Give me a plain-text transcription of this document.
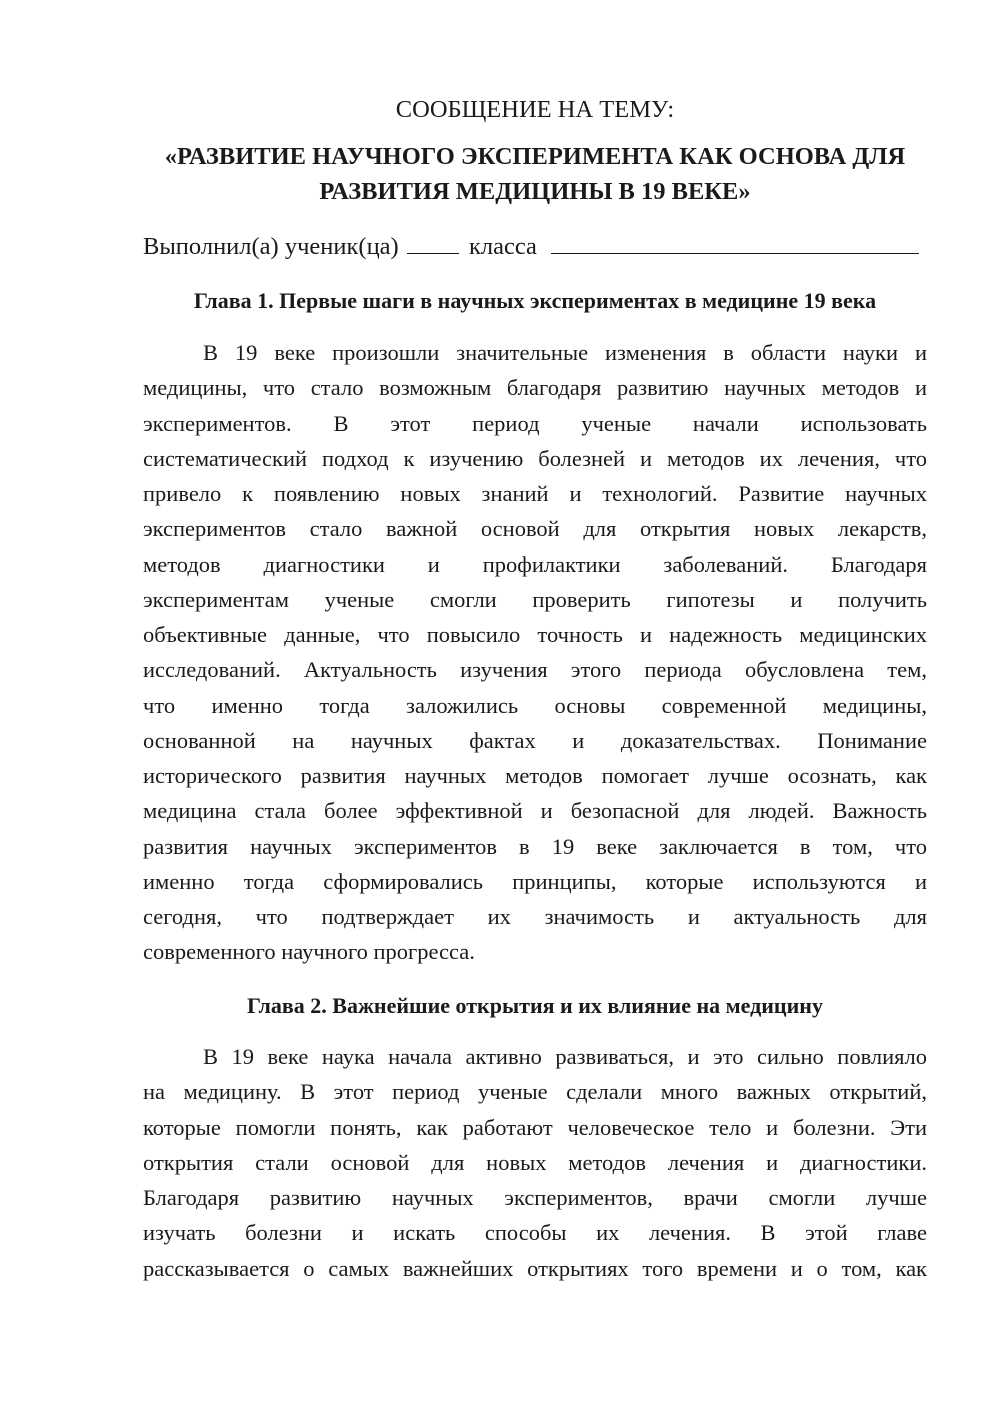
СООБЩЕНИЕ НА ТЕМУ:
«РАЗВИТИЕ НАУЧНОГО ЭКСПЕРИМЕНТА КАК ОСНОВА ДЛЯ
РАЗВИТИЯ МЕДИЦИНЫ В 19 ВЕКЕ»
Выполнил(а) ученик(ца)	класса
Глава 1. Первые шаги в научных экспериментах в медицине 19 века
В 19 веке произошли значительные изменения в области науки и
медицины, что стало возможным благодаря развитию научных методов и
экспериментов. В этот период ученые начали использовать
систематический подход к изучению болезней и методов их лечения, что
привело к появлению новых знаний и технологий. Развитие научных
экспериментов стало важной основой для открытия новых лекарств,
методов диагностики и профилактики заболеваний. Благодаря
экспериментам ученые смогли проверить гипотезы и получить
объективные данные, что повысило точность и надежность медицинских
исследований. Актуальность изучения этого периода обусловлена тем,
что именно тогда заложились основы современной медицины,
основанной на научных фактах и доказательствах. Понимание
исторического развития научных методов помогает лучше осознать, как
медицина стала более эффективной и безопасной для людей. Важность
развития научных экспериментов в 19 веке заключается в том, что
именно тогда сформировались принципы, которые используются и
сегодня, что подтверждает их значимость и актуальность для
современного научного прогресса.
Глава 2. Важнейшие открытия и их влияние на медицину
В 19 веке наука начала активно развиваться, и это сильно повлияло
на медицину. В этот период ученые сделали много важных открытий,
которые помогли понять, как работают человеческое тело и болезни. Эти
открытия стали основой для новых методов лечения и диагностики.
Благодаря развитию научных экспериментов, врачи смогли лучше
изучать болезни и искать способы их лечения. В этой главе
рассказывается о самых важнейших открытиях того времени и о том, как
